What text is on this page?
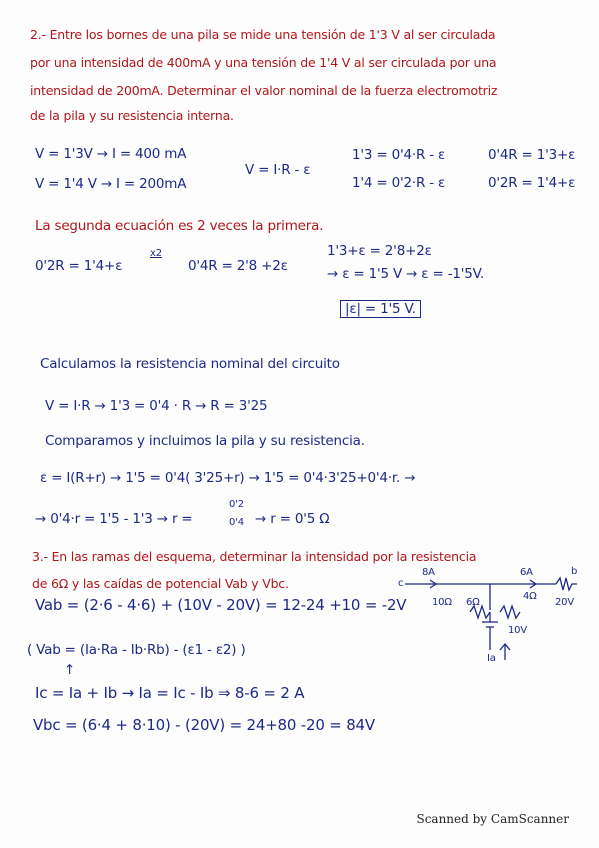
2.- Entre los bornes de una pila se mide una tensión de 1'3 V al ser circulada

por una intensidad de 400mA y una tensión de 1'4 V al ser circulada por una

intensidad de 200mA. Determinar el valor nominal de la fuerza electromotriz

de la pila y su resistencia interna.

V = 1'3V → I = 400 mA

V = 1'4 V → I = 200mA

V = I·R - ε

1'3 = 0'4·R - ε

1'4 = 0'2·R - ε

0'4R = 1'3+ε

0'2R = 1'4+ε

La segunda ecuación es 2 veces la primera.

0'2R = 1'4+ε

x2

0'4R = 2'8 +2ε

1'3+ε = 2'8+2ε

→ ε = 1'5 V → ε = -1'5V.

|ε| = 1'5 V.

Calculamos la resistencia nominal del circuito

V = I·R → 1'3 = 0'4 · R → R = 3'25

Comparamos y incluimos la pila y su resistencia.

ε = I(R+r) → 1'5 = 0'4( 3'25+r) → 1'5 = 0'4·3'25+0'4·r. →

→ 0'4·r = 1'5 - 1'3 → r =

0'2

0'4 → r = 0'5 Ω

3.- En las ramas del esquema, determinar la intensidad por la resistencia

de 6Ω y las caídas de potencial Vab y Vbc.	c

b

8A	6A

10Ω 6Ω

4Ω

20V

10V

Ia

Vab = (2·6 - 4·6) + (10V - 20V) = 12-24 +10 = -2V

( Vab = (Ia·Ra - Ib·Rb) - (ε1 - ε2) )

↑

Ic = Ia + Ib → Ia = Ic - Ib ⇒ 8-6 = 2 A

Vbc = (6·4 + 8·10) - (20V) = 24+80 -20 = 84V

Scanned by CamScanner
